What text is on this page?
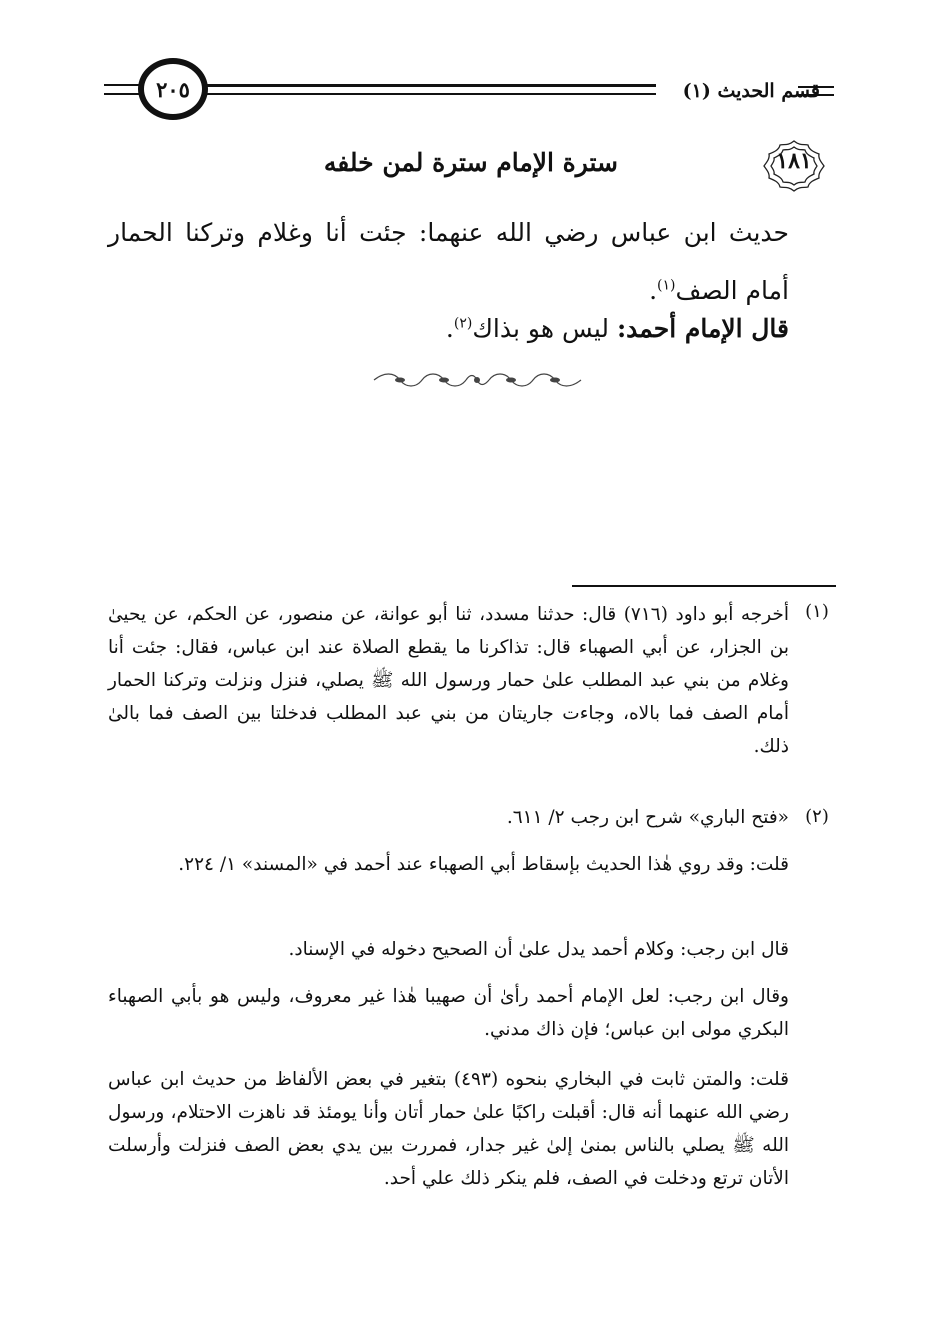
٢٠٥	قسم الحديث (١)
١٨١
سترة الإمام سترة لمن خلفه
حديث ابن عباس رضي الله عنهما: جئت أنا وغلام وتركنا الحمار أمام الصف$^{(١)}$.
قال الإمام أحمد: ليس هو بذاك$^{(٢)}$.
(١)
أخرجه أبو داود (٧١٦) قال: حدثنا مسدد، ثنا أبو عوانة، عن منصور، عن الحكم، عن يحيىٰ بن الجزار، عن أبي الصهباء قال: تذاكرنا ما يقطع الصلاة عند ابن عباس، فقال: جئت أنا وغلام من بني عبد المطلب علىٰ حمار ورسول الله ﷺ يصلي، فنزل ونزلت وتركنا الحمار أمام الصف فما بالاه، وجاءت جاريتان من بني عبد المطلب فدخلتا بين الصف فما بالىٰ ذلك.
(٢)
«فتح الباري» شرح ابن رجب ٢/ ٦١١.
قلت: وقد روي هٰذا الحديث بإسقاط أبي الصهباء عند أحمد في «المسند» ١/ ٢٢٤.
قال ابن رجب: وكلام أحمد يدل علىٰ أن الصحيح دخوله في الإسناد.
وقال ابن رجب: لعل الإمام أحمد رأىٰ أن صهيبا هٰذا غير معروف، وليس هو بأبي الصهباء البكري مولى ابن عباس؛ فإن ذاك مدني.
قلت: والمتن ثابت في البخاري بنحوه (٤٩٣) بتغير في بعض الألفاظ من حديث ابن عباس رضي الله عنهما أنه قال: أقبلت راكبًا علىٰ حمار أتان وأنا يومئذ قد ناهزت الاحتلام، ورسول الله ﷺ يصلي بالناس بمنىٰ إلىٰ غير جدار، فمررت بين يدي بعض الصف فنزلت وأرسلت الأتان ترتع ودخلت في الصف، فلم ينكر ذلك علي أحد.
